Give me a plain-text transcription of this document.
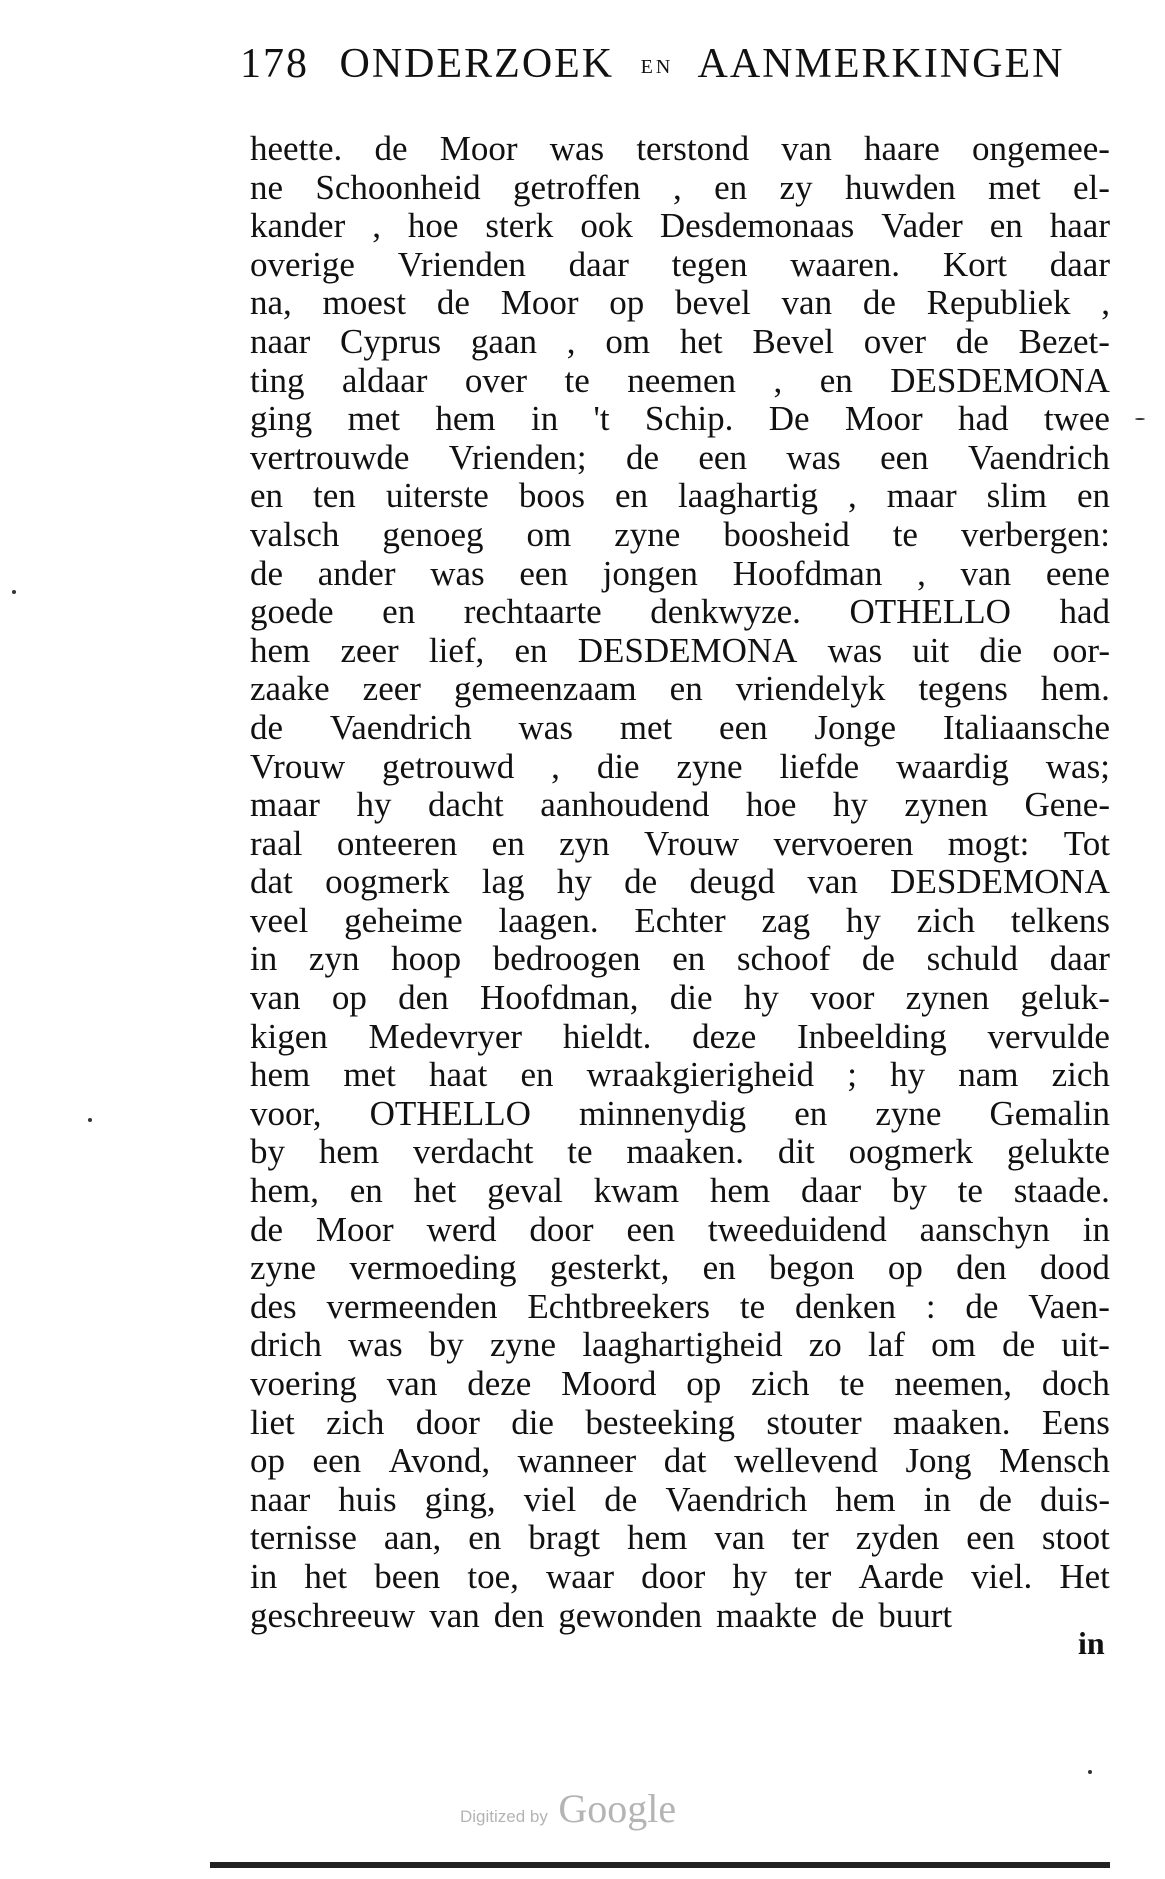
178 ONDERZOEK EN AANMERKINGEN
heette. de Moor was terstond van haare ongemee-
ne Schoonheid getroffen , en zy huwden met el-
kander , hoe sterk ook Desdemonaas Vader en haar
overige Vrienden daar tegen waaren. Kort daar
na, moest de Moor op bevel van de Republiek ,
naar Cyprus gaan , om het Bevel over de Bezet-
ting aldaar over te neemen , en DESDEMONA
ging met hem in 't Schip. De Moor had twee
vertrouwde Vrienden; de een was een Vaendrich
en ten uiterste boos en laaghartig , maar slim en
valsch genoeg om zyne boosheid te verbergen:
de ander was een jongen Hoofdman , van eene
goede en rechtaarte denkwyze. OTHELLO had
hem zeer lief, en DESDEMONA was uit die oor-
zaake zeer gemeenzaam en vriendelyk tegens hem.
de Vaendrich was met een Jonge Italiaansche
Vrouw getrouwd , die zyne liefde waardig was;
maar hy dacht aanhoudend hoe hy zynen Gene-
raal onteeren en zyn Vrouw vervoeren mogt: Tot
dat oogmerk lag hy de deugd van DESDEMONA
veel geheime laagen. Echter zag hy zich telkens
in zyn hoop bedroogen en schoof de schuld daar
van op den Hoofdman, die hy voor zynen geluk-
kigen Medevryer hieldt. deze Inbeelding vervulde
hem met haat en wraakgierigheid ; hy nam zich
voor, OTHELLO minnenydig en zyne Gemalin
by hem verdacht te maaken. dit oogmerk gelukte
hem, en het geval kwam hem daar by te staade.
de Moor werd door een tweeduidend aanschyn in
zyne vermoeding gesterkt, en begon op den dood
des vermeenden Echtbreekers te denken : de Vaen-
drich was by zyne laaghartigheid zo laf om de uit-
voering van deze Moord op zich te neemen, doch
liet zich door die besteeking stouter maaken. Eens
op een Avond, wanneer dat wellevend Jong Mensch
naar huis ging, viel de Vaendrich hem in de duis-
ternisse aan, en bragt hem van ter zyden een stoot
in het been toe, waar door hy ter Aarde viel. Het
geschreeuw van den gewonden maakte de buurt
in
Digitized by Google
